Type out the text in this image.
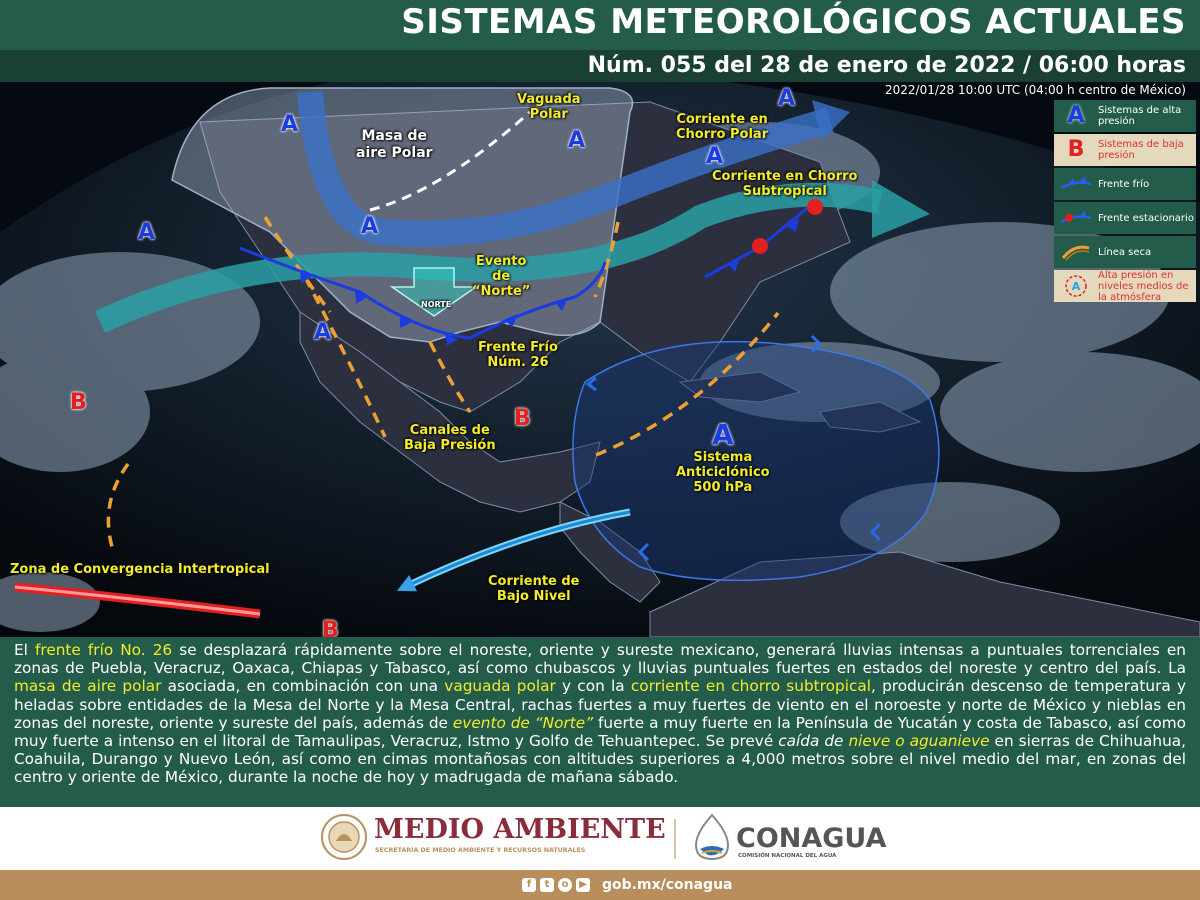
SISTEMAS METEOROLÓGICOS ACTUALES
Núm. 055 del 28 de enero de 2022 / 06:00 horas
2022/01/28 10:00 UTC (04:00 h centro de México)
Vaguada
Polar
Masa de
aire Polar
Corriente en
Chorro Polar
Corriente en Chorro
Subtropical
Evento
de
“Norte”
NORTE
Frente Frío
Núm. 26
Canales de
Baja Presión
Sistema
Anticiclónico
500 hPa
Zona de Convergencia Intertropical
Corriente de
Bajo Nivel
A
A
A
A
A
A
A
A
B
B
B
A	Sistemas de alta presión
B	Sistemas de baja presión
Frente frío
Frente estacionario
Línea seca
A
Alta presión en niveles medios de la atmósfera

El frente frío No. 26 se desplazará rápidamente sobre el noreste, oriente y sureste mexicano, generará lluvias intensas a puntuales torrenciales en zonas de Puebla, Veracruz, Oaxaca, Chiapas y Tabasco, así como chubascos y lluvias puntuales fuertes en estados del noreste y centro del país. La masa de aire polar asociada, en combinación con una vaguada polar y con la corriente en chorro subtropical, producirán descenso de temperatura y heladas sobre entidades de la Mesa del Norte y la Mesa Central, rachas fuertes a muy fuertes de viento en el noroeste y norte de México y nieblas en zonas del noreste, oriente y sureste del país, además de evento de “Norte” fuerte a muy fuerte en la Península de Yucatán y costa de Tabasco, así como muy fuerte a intenso en el litoral de Tamaulipas, Veracruz, Istmo y Golfo de Tehuantepec. Se prevé caída de nieve o aguanieve en sierras de Chihuahua, Coahuila, Durango y Nuevo León, así como en cimas montañosas con altitudes superiores a 4,000 metros sobre el nivel medio del mar, en zonas del centro y oriente de México, durante la noche de hoy y madrugada de mañana sábado.

MEDIO AMBIENTE
SECRETARÍA DE MEDIO AMBIENTE Y RECURSOS NATURALES	CONAGUA
COMISIÓN NACIONAL DEL AGUA
f	t	o	▶ gob.mx/conagua
